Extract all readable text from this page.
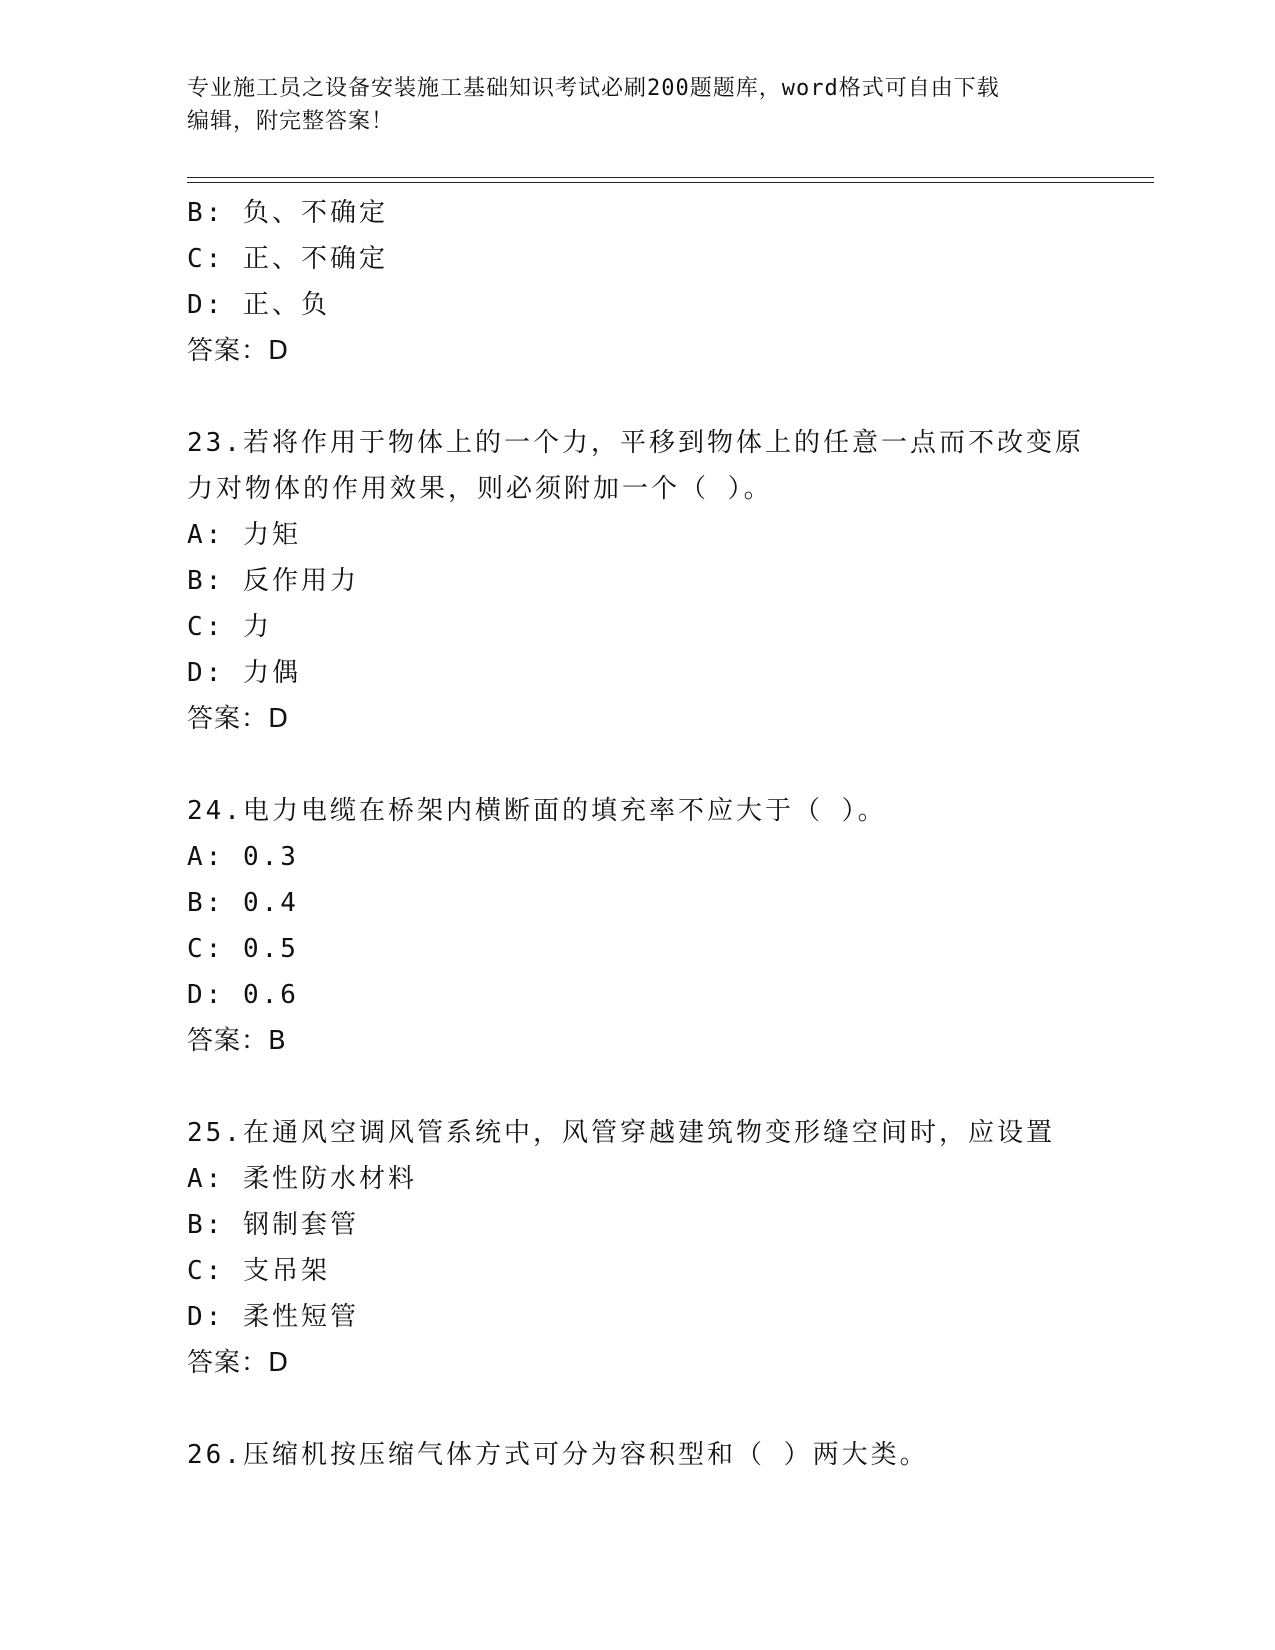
专业施工员之设备安装施工基础知识考试必刷200题题库，word格式可自由下载
编辑，附完整答案！
B: 负、不确定
C: 正、不确定
D: 正、负
答案：D
23.若将作用于物体上的一个力，平移到物体上的任意一点而不改变原
力对物体的作用效果，则必须附加一个（ ）。
A: 力矩
B: 反作用力
C: 力
D: 力偶
答案：D
24.电力电缆在桥架内横断面的填充率不应大于（ ）。
A: 0.3
B: 0.4
C: 0.5
D: 0.6
答案：B
25.在通风空调风管系统中，风管穿越建筑物变形缝空间时，应设置
A: 柔性防水材料
B: 钢制套管
C: 支吊架
D: 柔性短管
答案：D
26.压缩机按压缩气体方式可分为容积型和（ ）两大类。
